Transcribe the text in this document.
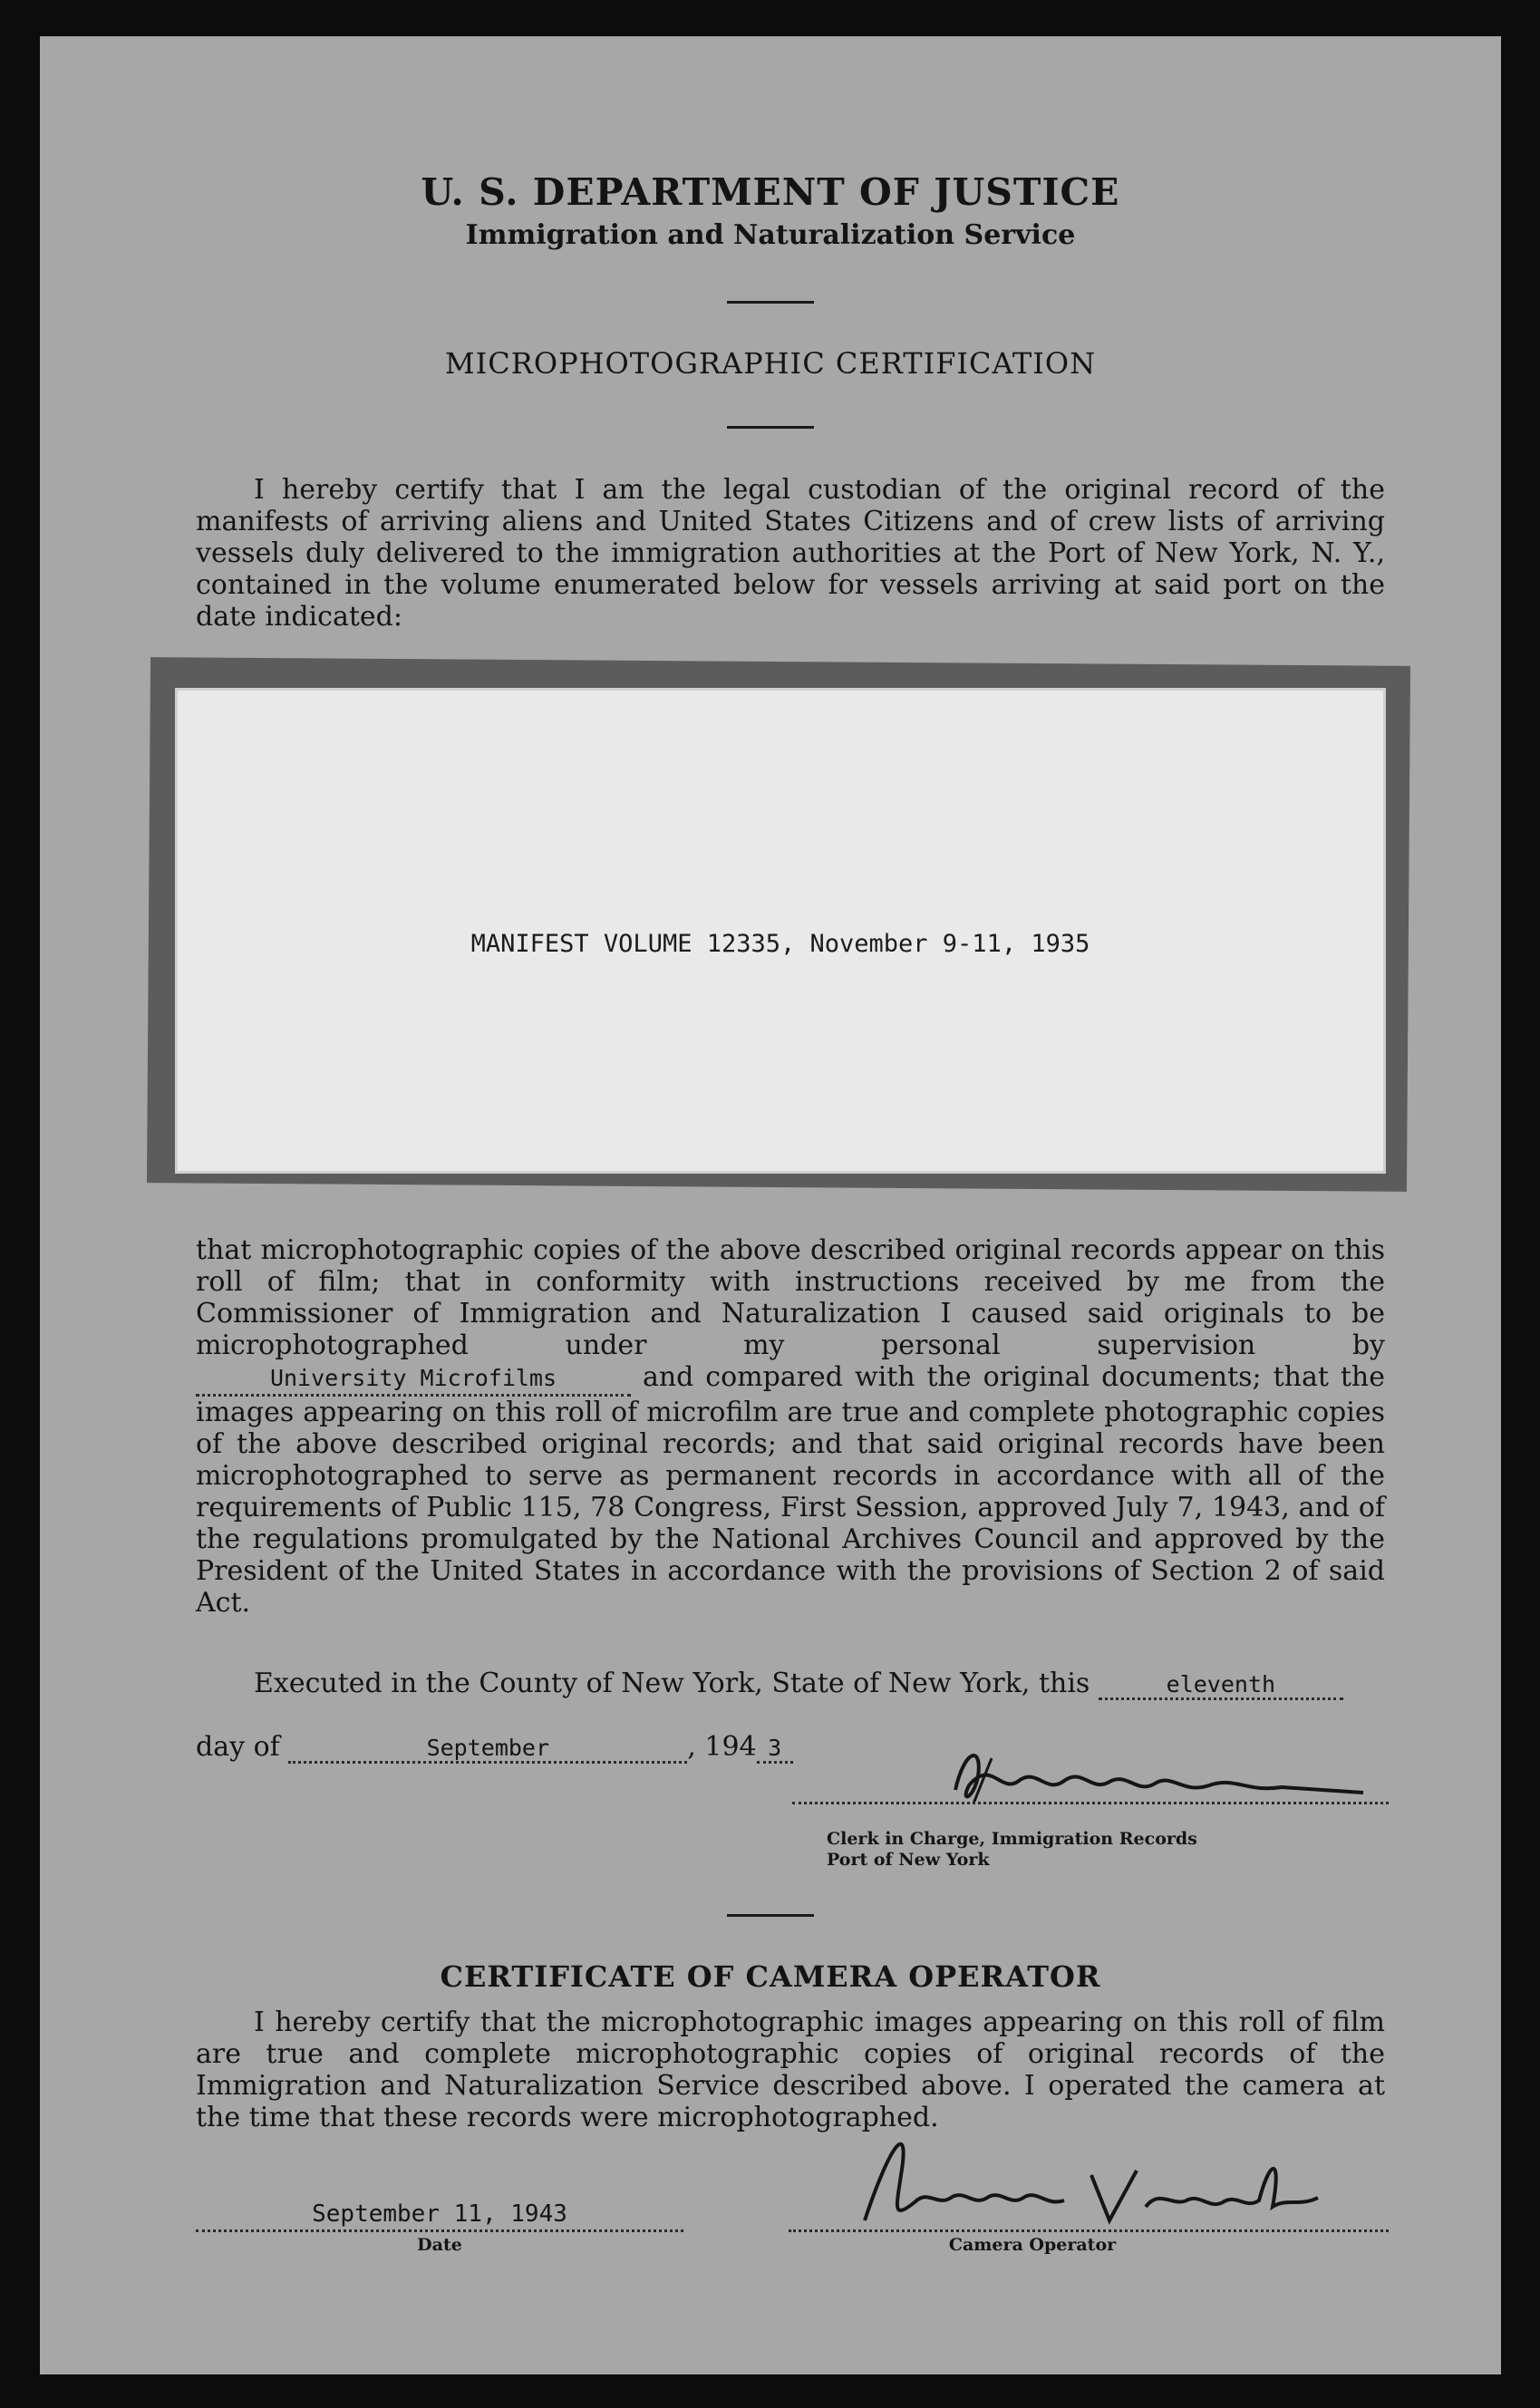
U. S. DEPARTMENT OF JUSTICE
Immigration and Naturalization Service
MICROPHOTOGRAPHIC CERTIFICATION
I hereby certify that I am the legal custodian of the original record of the manifests of arriving aliens and United States Citizens and of crew lists of arriving vessels duly delivered to the immigration authorities at the Port of New York, N. Y., contained in the volume enumerated below for vessels arriving at said port on the date indicated:
MANIFEST VOLUME 12335, November 9-11, 1935
that microphotographic copies of the above described original records appear on this roll of film; that in conformity with instructions received by me from the Commissioner of Immigration and Naturalization I caused said originals to be microphotographed under my personal supervision by University Microfilms	and compared with the original documents; that the images appearing on this roll of microfilm are true and complete photographic copies of the above described original records; and that said original records have been microphotographed to serve as permanent records in accordance with all of the requirements of Public 115, 78 Congress, First Session, approved July 7, 1943, and of the regulations promulgated by the National Archives Council and approved by the President of the United States in accordance with the provisions of Section 2 of said Act.
Executed in the County of New York, State of New York, this	eleventh
day of	September	, 194 3
Clerk in Charge, Immigration Records
Port of New York
CERTIFICATE OF CAMERA OPERATOR
I hereby certify that the microphotographic images appearing on this roll of film are true and complete microphotographic copies of original records of the Immigration and Naturalization Service described above. I operated the camera at the time that these records were microphotographed.
September 11, 1943
Date	Camera Operator
